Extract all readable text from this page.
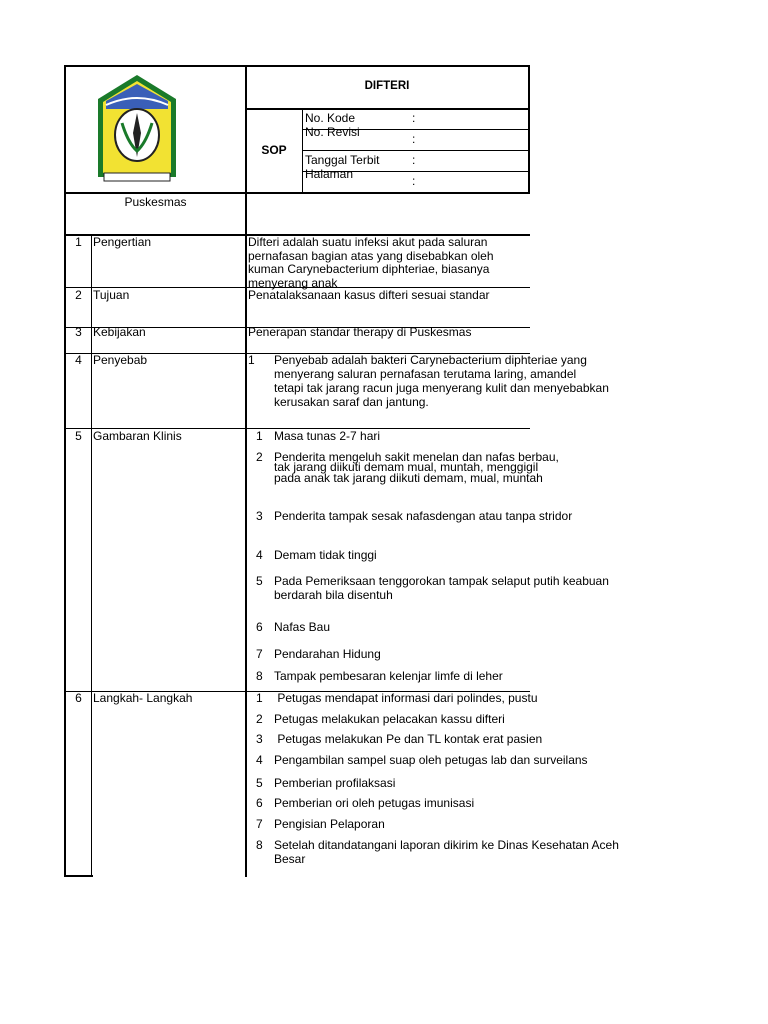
DIFTERI
SOP
No. Kode	:
No. Revisi	:
Tanggal Terbit	:
Halaman	:
Puskesmas
1 Pengertian	Difteri adalah suatu infeksi akut pada saluran pernafasan bagian atas yang disebabkan oleh kuman Carynebacterium diphteriae, biasanya menyerang anak
2 Tujuan	Penatalaksanaan kasus difteri sesuai standar
3 Kebijakan	Penerapan standar therapy di Puskesmas
4 Penyebab	1 Penyebab adalah bakteri Carynebacterium diphteriae yang
menyerang saluran pernafasan terutama laring, amandel
tetapi tak jarang racun juga menyerang kulit dan menyebabkan
kerusakan saraf dan jantung.
5 Gambaran Klinis	1 Masa tunas 2-7 hari
2 Penderita mengeluh sakit menelan dan nafas berbau,
tak jarang diikuti demam mual, muntah, menggigil
pada anak tak jarang diikuti demam, mual, muntah
3 Penderita tampak sesak nafasdengan atau tanpa stridor
4 Demam tidak tinggi
5 Pada Pemeriksaan tenggorokan tampak selaput putih keabuan
berdarah bila disentuh
6 Nafas Bau
7 Pendarahan Hidung
8 Tampak pembesaran kelenjar limfe di leher
6 Langkah- Langkah	1 Petugas mendapat informasi dari polindes, pustu
2 Petugas melakukan pelacakan kassu difteri
3 Petugas melakukan Pe dan TL kontak erat pasien
4 Pengambilan sampel suap oleh petugas lab dan surveilans
5 Pemberian profilaksasi
6 Pemberian ori oleh petugas imunisasi
7 Pengisian Pelaporan
8 Setelah ditandatangani laporan dikirim ke Dinas Kesehatan Aceh
Besar
